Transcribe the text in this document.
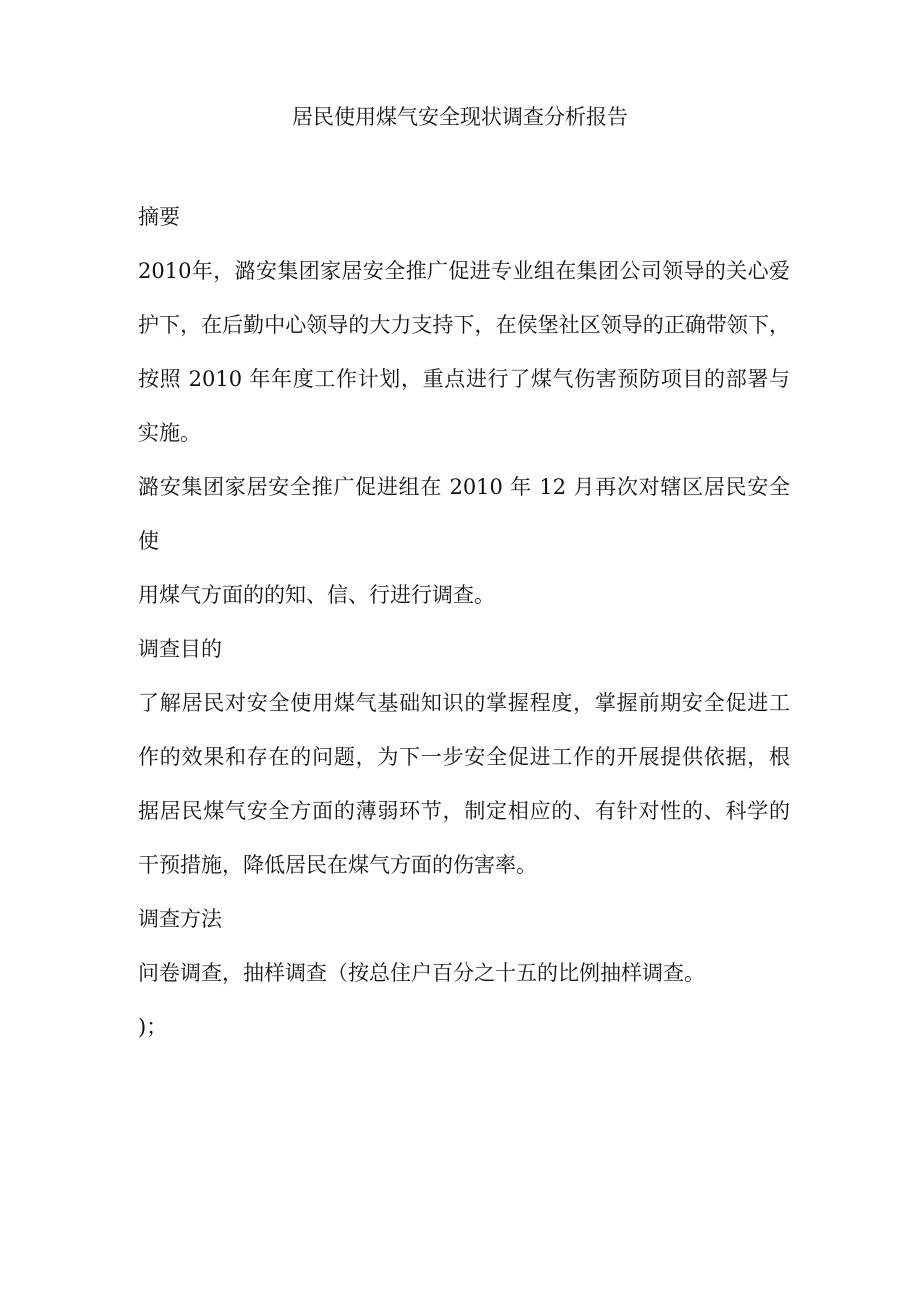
居民使用煤气安全现状调查分析报告

摘要

2010年，潞安集团家居安全推广促进专业组在集团公司领导的关心爱
护下，在后勤中心领导的大力支持下，在侯堡社区领导的正确带领下，
按照 2010 年年度工作计划，重点进行了煤气伤害预防项目的部署与
实施。

潞安集团家居安全推广促进组在 2010 年 12 月再次对辖区居民安全使
用煤气方面的的知、信、行进行调查。

调查目的

了解居民对安全使用煤气基础知识的掌握程度，掌握前期安全促进工
作的效果和存在的问题，为下一步安全促进工作的开展提供依据，根
据居民煤气安全方面的薄弱环节，制定相应的、有针对性的、科学的
干预措施，降低居民在煤气方面的伤害率。

调查方法

问卷调查，抽样调查（按总住户百分之十五的比例抽样调查。
)；
